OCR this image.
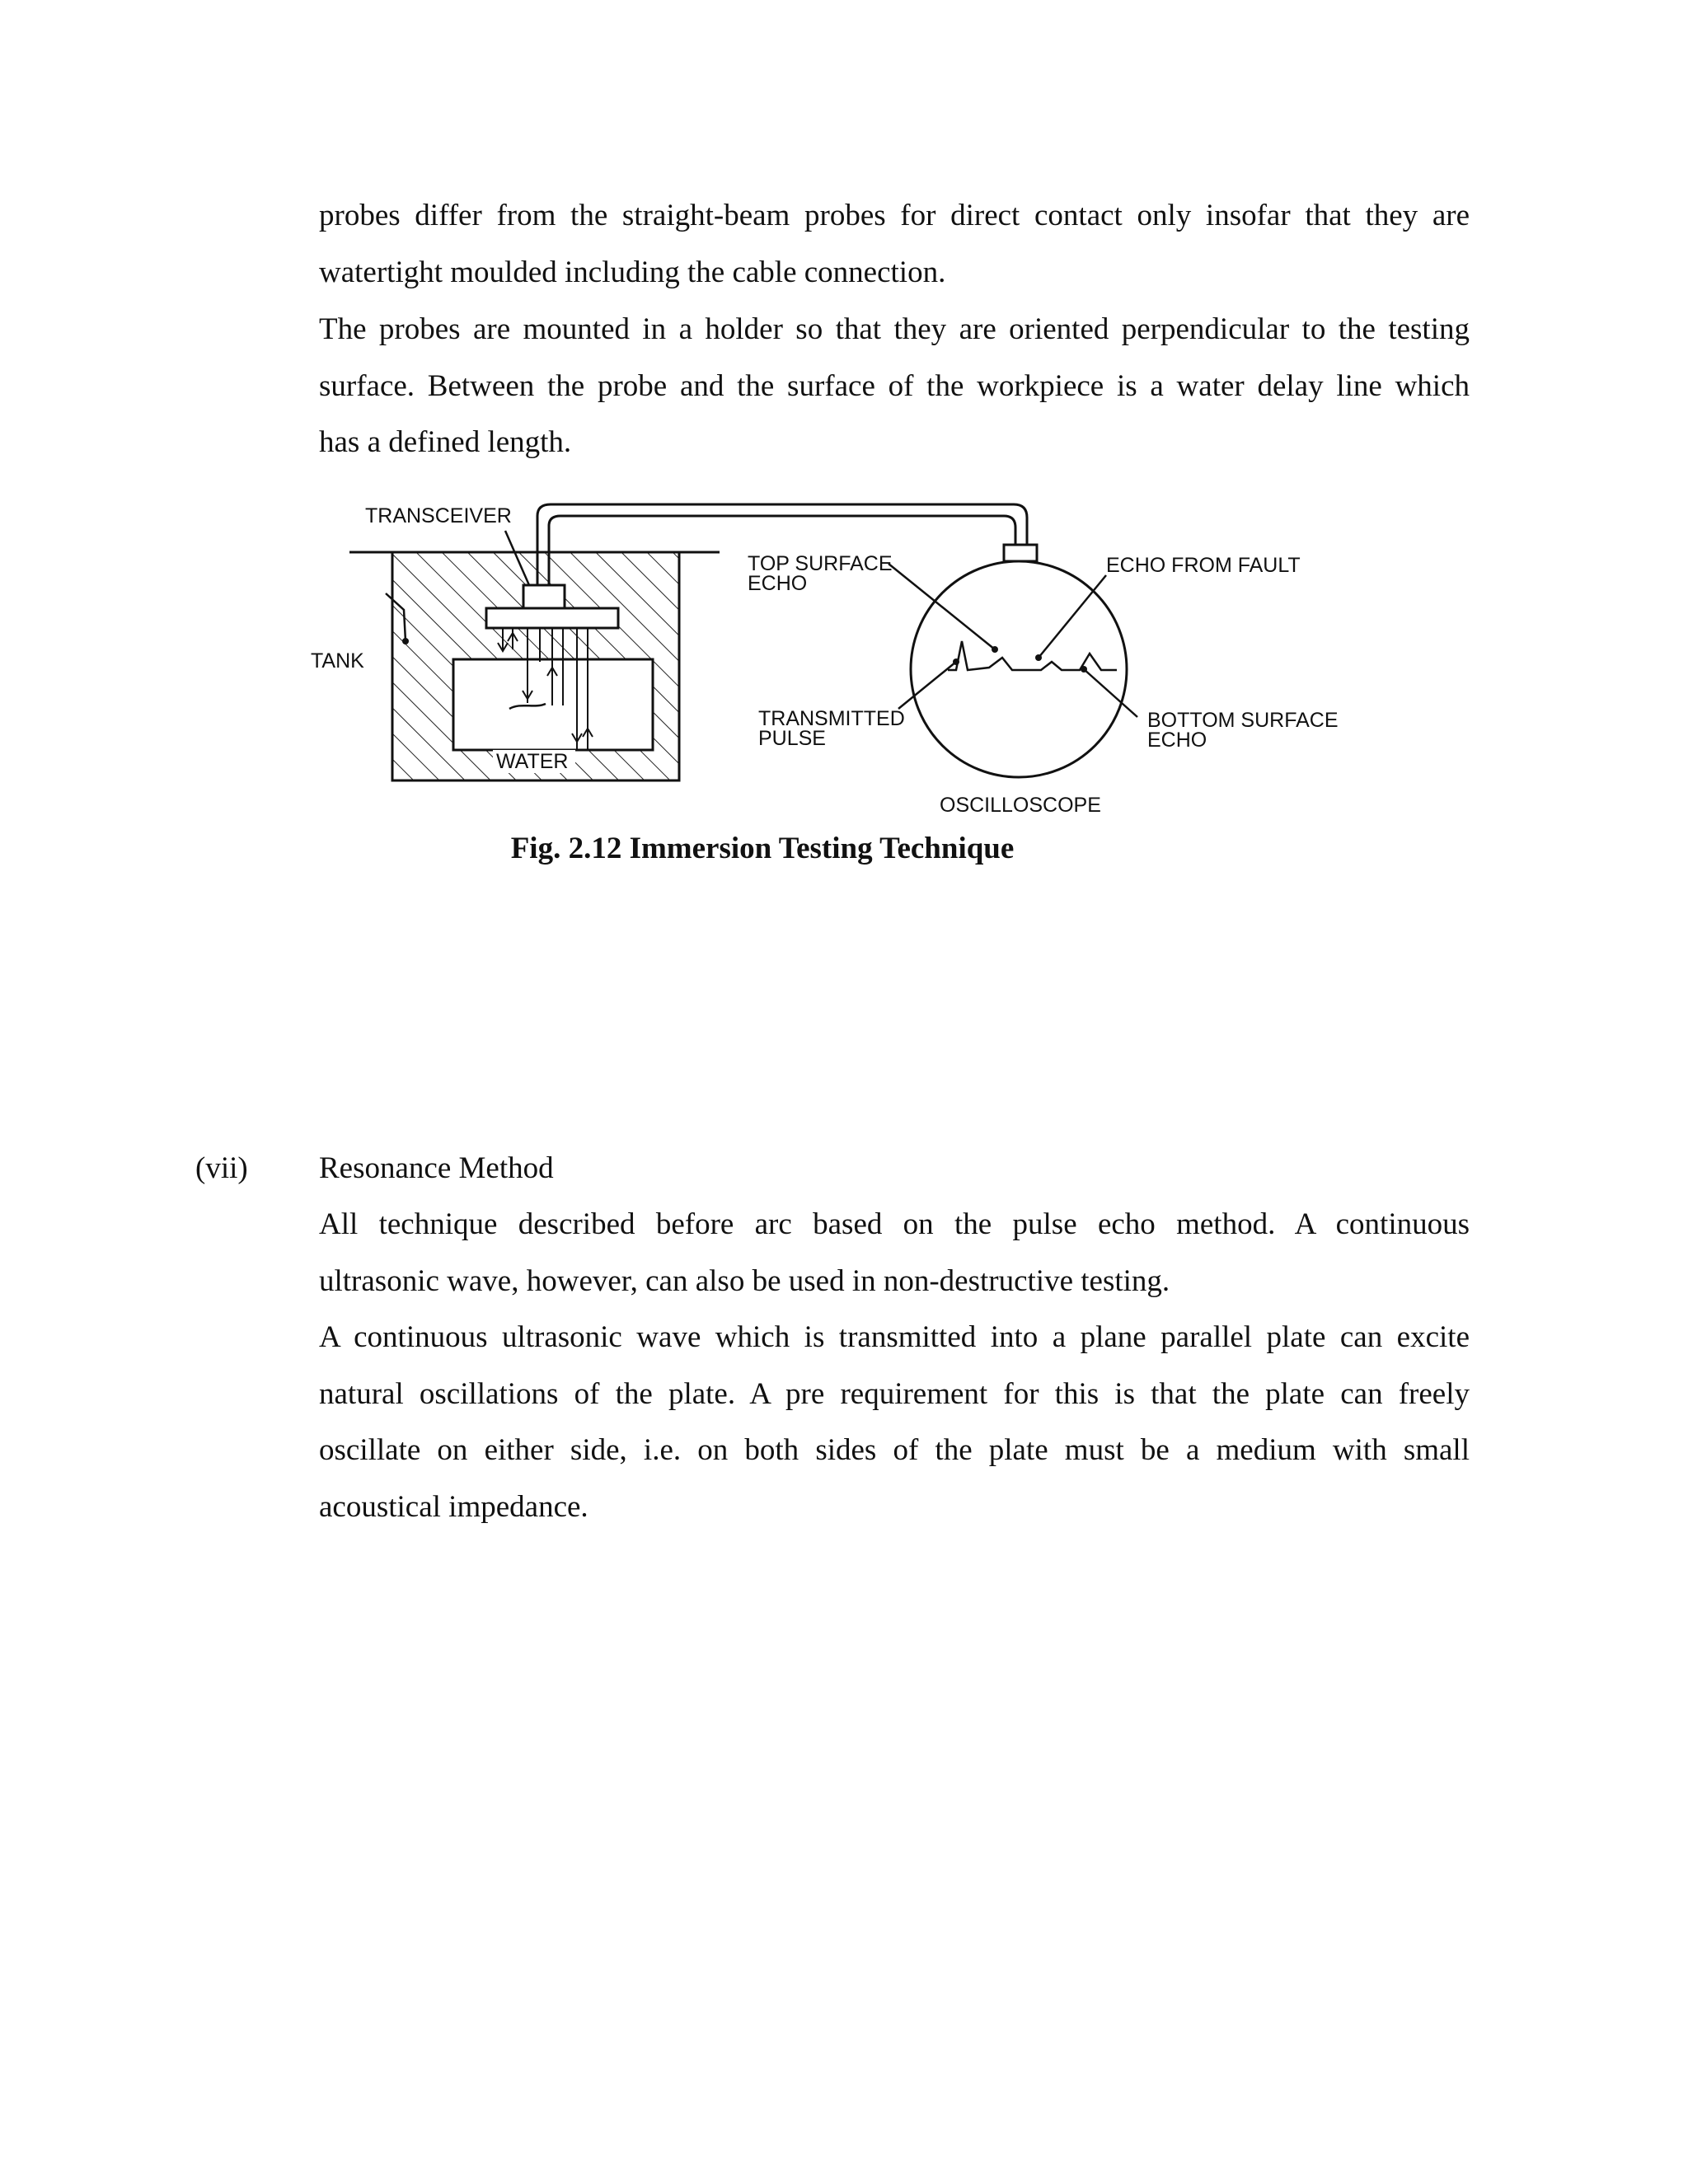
probes differ from the straight-beam probes for direct contact only insofar that they are
watertight moulded including the cable connection.
The probes are mounted in a holder so that they are oriented perpendicular to the testing
surface. Between the probe and the surface of the workpiece is a water delay line which
has a defined length.
TRANSCEIVER
TANK
WATER
TOP SURFACE
ECHO
ECHO FROM FAULT
TRANSMITTED
PULSE
BOTTOM SURFACE
ECHO
OSCILLOSCOPE
Fig. 2.12 Immersion Testing Technique
(vii) Resonance Method
All technique described before arc based on the pulse echo method. A continuous
ultrasonic wave, however, can also be used in non-destructive testing.
A continuous ultrasonic wave which is transmitted into a plane parallel plate can excite
natural oscillations of the plate. A pre requirement for this is that the plate can freely
oscillate on either side, i.e. on both sides of the plate must be a medium with small
acoustical impedance.
